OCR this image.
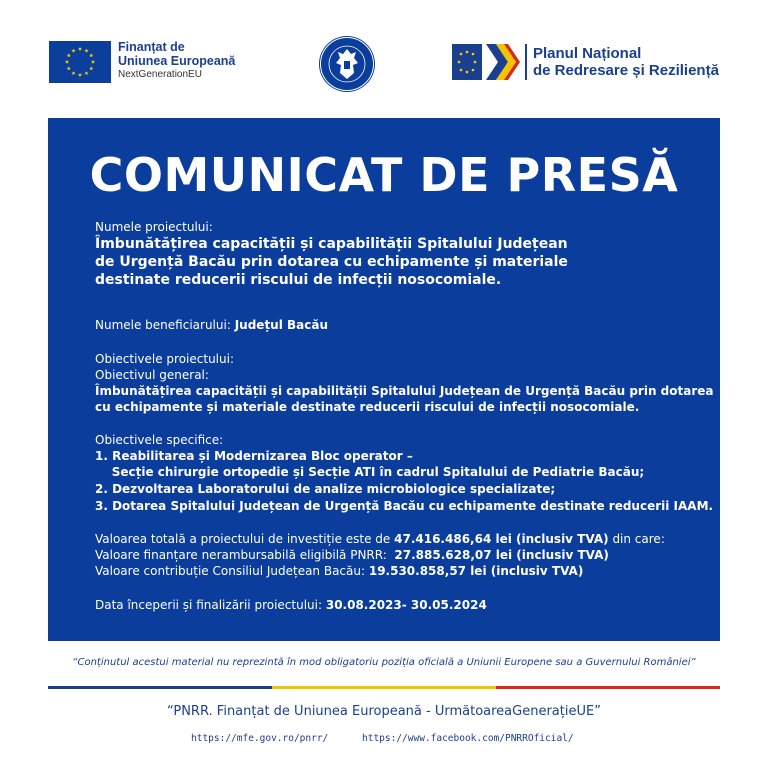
Finanțat de
Uniunea Europeană
NextGenerationEU
Planul Național
de Redresare și Reziliență
COMUNICAT DE PRESĂ
Numele proiectului:
Îmbunătățirea capacității și capabilității Spitalului Județean
de Urgență Bacău prin dotarea cu echipamente și materiale
destinate reducerii riscului de infecții nosocomiale.
Numele beneficiarului: Județul Bacău
Obiectivele proiectului:
Obiectivul general:
Îmbunătățirea capacității și capabilității Spitalului Județean de Urgență Bacău prin dotarea
cu echipamente și materiale destinate reducerii riscului de infecții nosocomiale.
Obiectivele specifice:
1. Reabilitarea și Modernizarea Bloc operator –
Secție chirurgie ortopedie și Secție ATI în cadrul Spitalului de Pediatrie Bacău;
2. Dezvoltarea Laboratorului de analize microbiologice specializate;
3. Dotarea Spitalului Județean de Urgență Bacău cu echipamente destinate reducerii IAAM.
Valoarea totală a proiectului de investiție este de 47.416.486,64 lei (inclusiv TVA) din care:
Valoare finanțare nerambursabilă eligibilă PNRR:  27.885.628,07 lei (inclusiv TVA)
Valoare contribuție Consiliul Județean Bacău: 19.530.858,57 lei (inclusiv TVA)
Data începerii și finalizării proiectului: 30.08.2023- 30.05.2024
“Conținutul acestui material nu reprezintă în mod obligatoriu poziția oficială a Uniunii Europene sau a Guvernului României”
“PNRR. Finanțat de Uniunea Europeană - UrmătoareaGenerațieUE”
https://mfe.gov.ro/pnrr/	https://www.facebook.com/PNRROficial/
